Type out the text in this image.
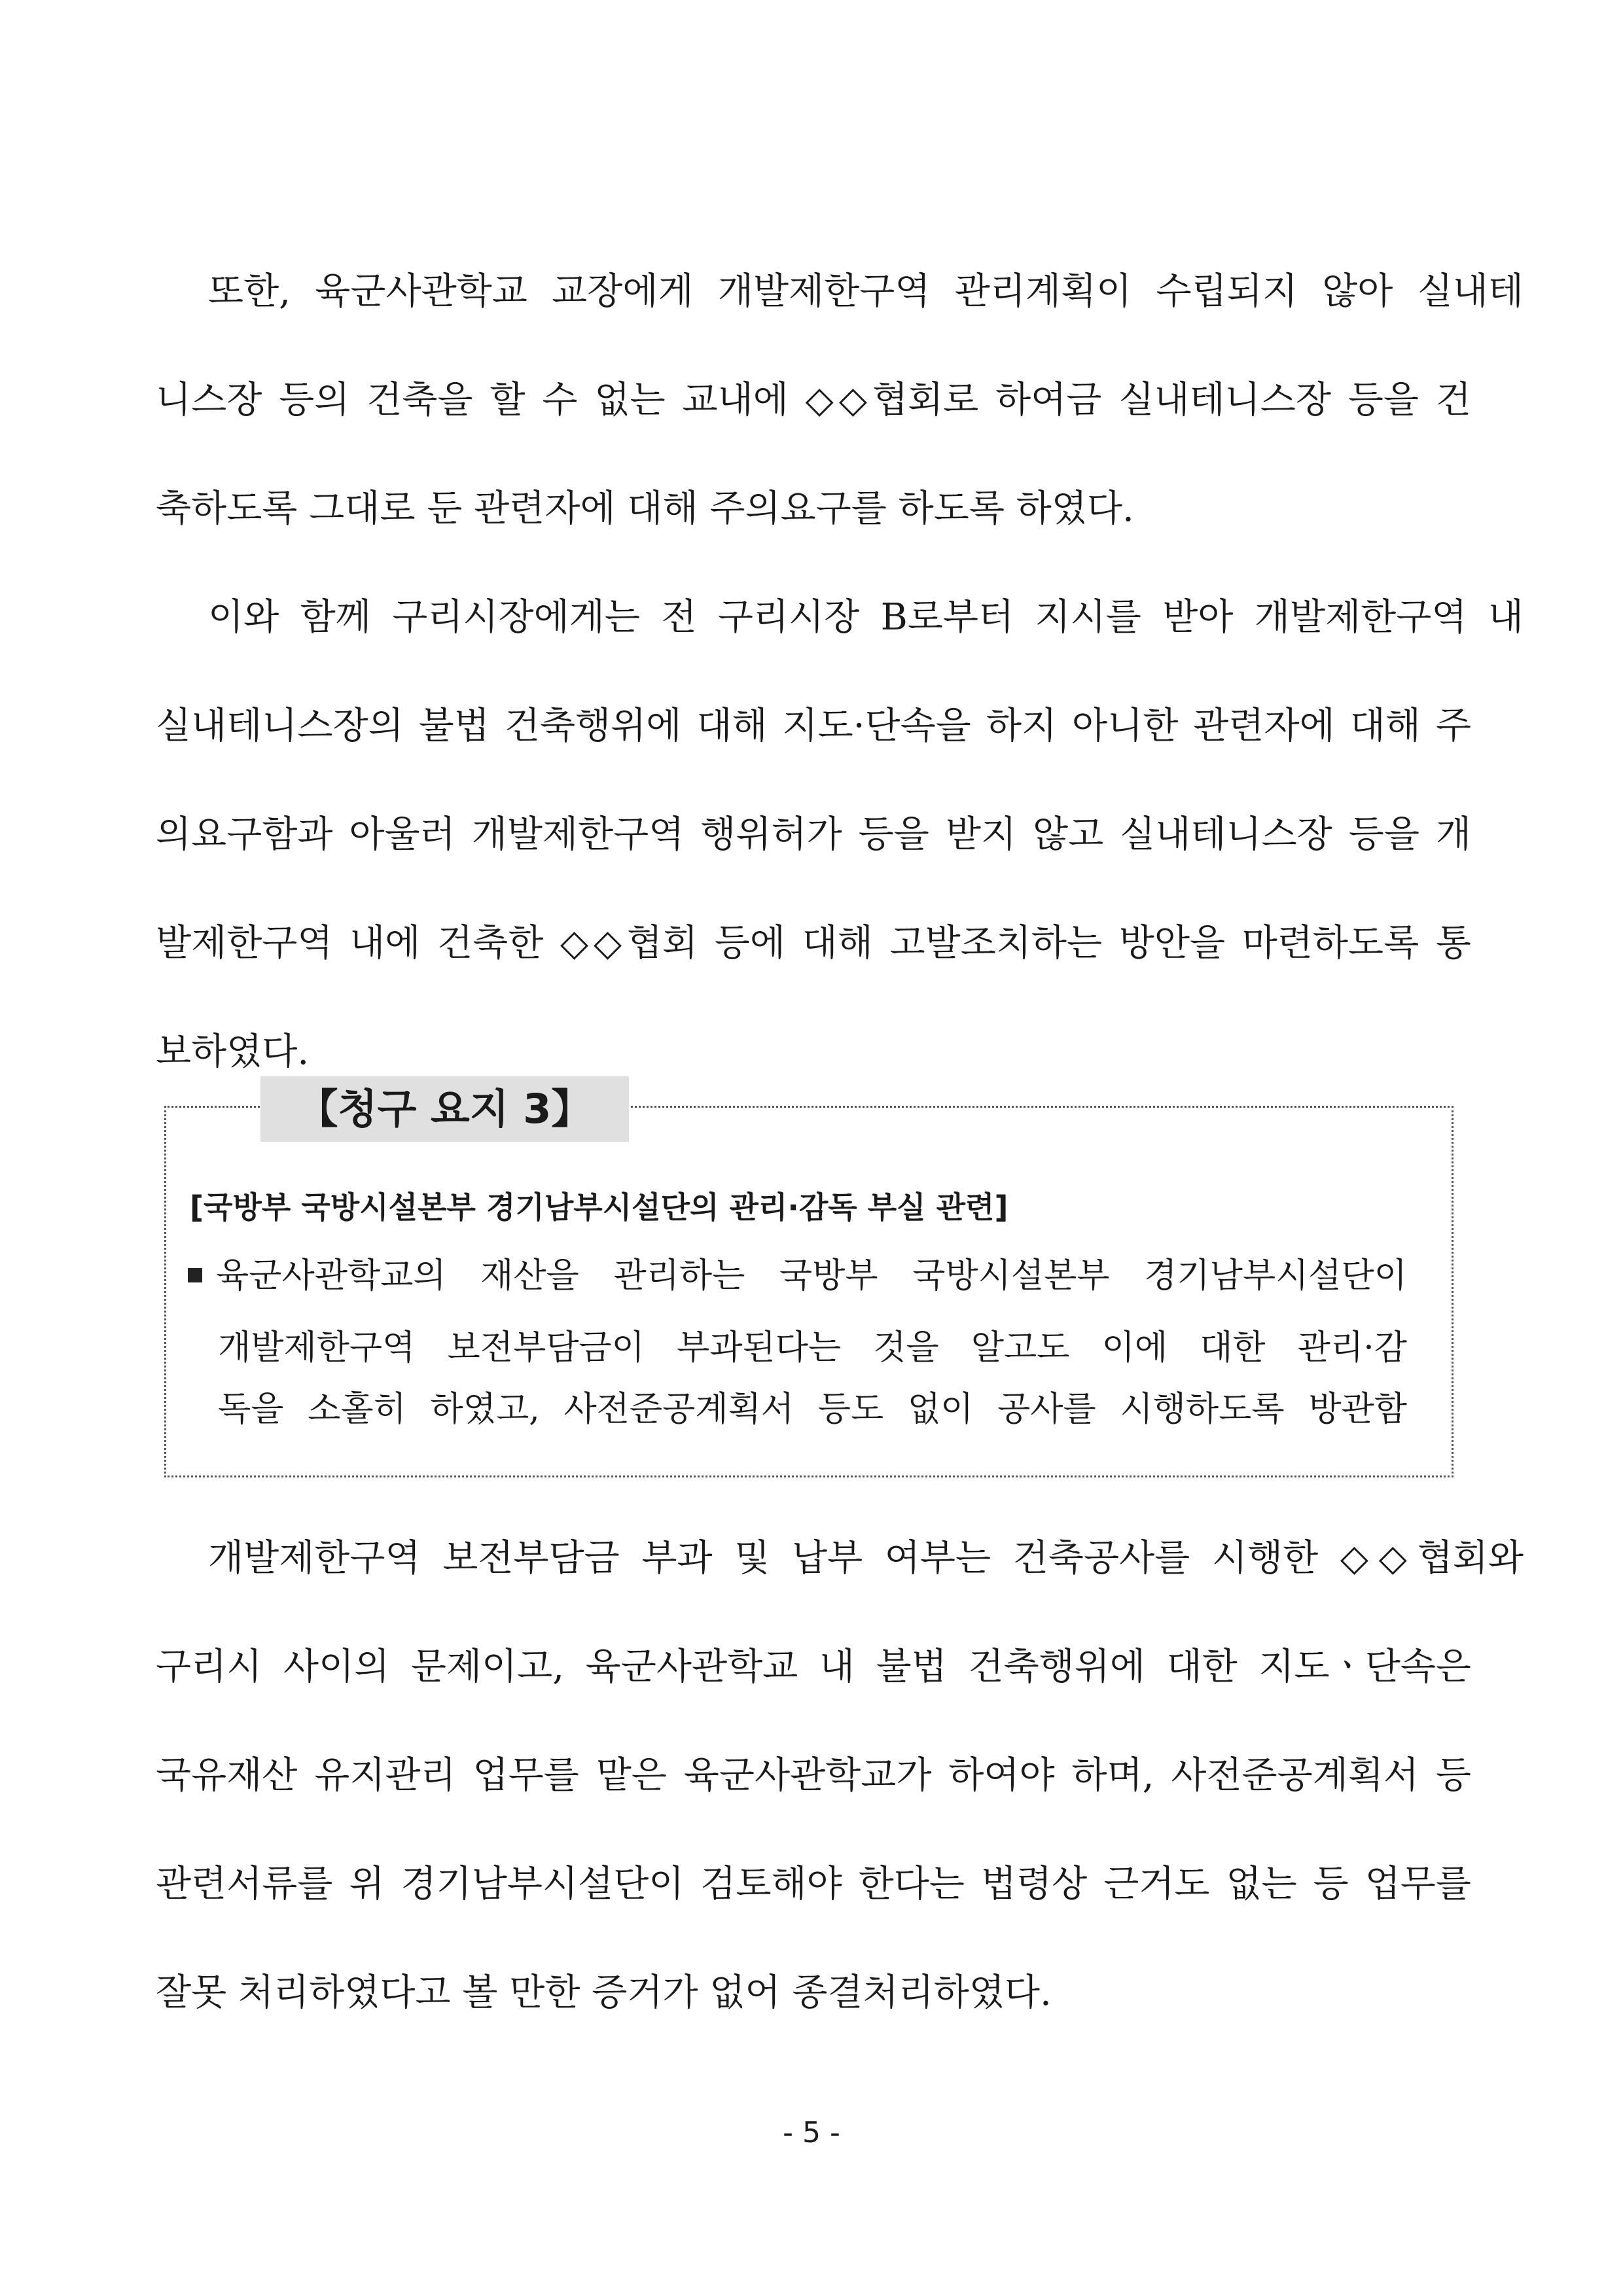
또한, 육군사관학교 교장에게 개발제한구역 관리계획이 수립되지 않아 실내테

니스장 등의 건축을 할 수 없는 교내에 ◇◇협회로 하여금 실내테니스장 등을 건

축하도록 그대로 둔 관련자에 대해 주의요구를 하도록 하였다.

이와 함께 구리시장에게는 전 구리시장 B로부터 지시를 받아 개발제한구역 내

실내테니스장의 불법 건축행위에 대해 지도·단속을 하지 아니한 관련자에 대해 주

의요구함과 아울러 개발제한구역 행위허가 등을 받지 않고 실내테니스장 등을 개

발제한구역 내에 건축한 ◇◇협회 등에 대해 고발조치하는 방안을 마련하도록 통

보하였다.

【청구 요지 3】
[국방부 국방시설본부 경기남부시설단의 관리·감독 부실 관련]

육군사관학교의 재산을 관리하는 국방부 국방시설본부 경기남부시설단이

개발제한구역 보전부담금이 부과된다는 것을 알고도 이에 대한 관리·감

독을 소홀히 하였고, 사전준공계획서 등도 없이 공사를 시행하도록 방관함

개발제한구역 보전부담금 부과 및 납부 여부는 건축공사를 시행한 ◇◇협회와

구리시 사이의 문제이고, 육군사관학교 내 불법 건축행위에 대한 지도ㆍ단속은

국유재산 유지관리 업무를 맡은 육군사관학교가 하여야 하며, 사전준공계획서 등

관련서류를 위 경기남부시설단이 검토해야 한다는 법령상 근거도 없는 등 업무를

잘못 처리하였다고 볼 만한 증거가 없어 종결처리하였다.

- 5 -
